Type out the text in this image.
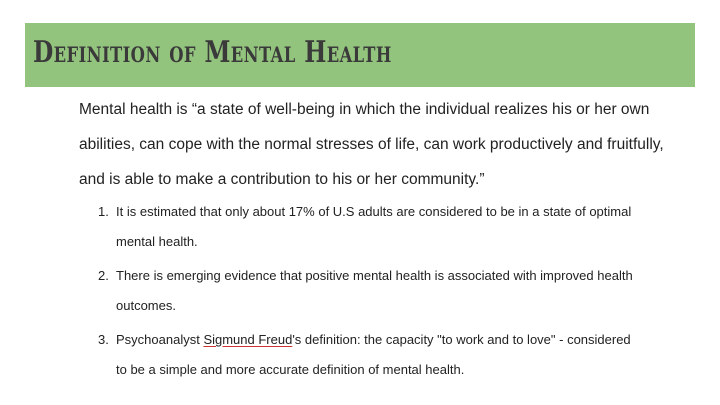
Definition of Mental Health

Mental health is “a state of well-being in which the individual realizes his or her own abilities, can cope with the normal stresses of life, can work productively and fruitfully, and is able to make a contribution to his or her community.”

1. It is estimated that only about 17% of U.S adults are considered to be in a state of optimal mental health.
2. There is emerging evidence that positive mental health is associated with improved health outcomes.
3. Psychoanalyst Sigmund Freud's definition: the capacity "to work and to love" - considered to be a simple and more accurate definition of mental health.
